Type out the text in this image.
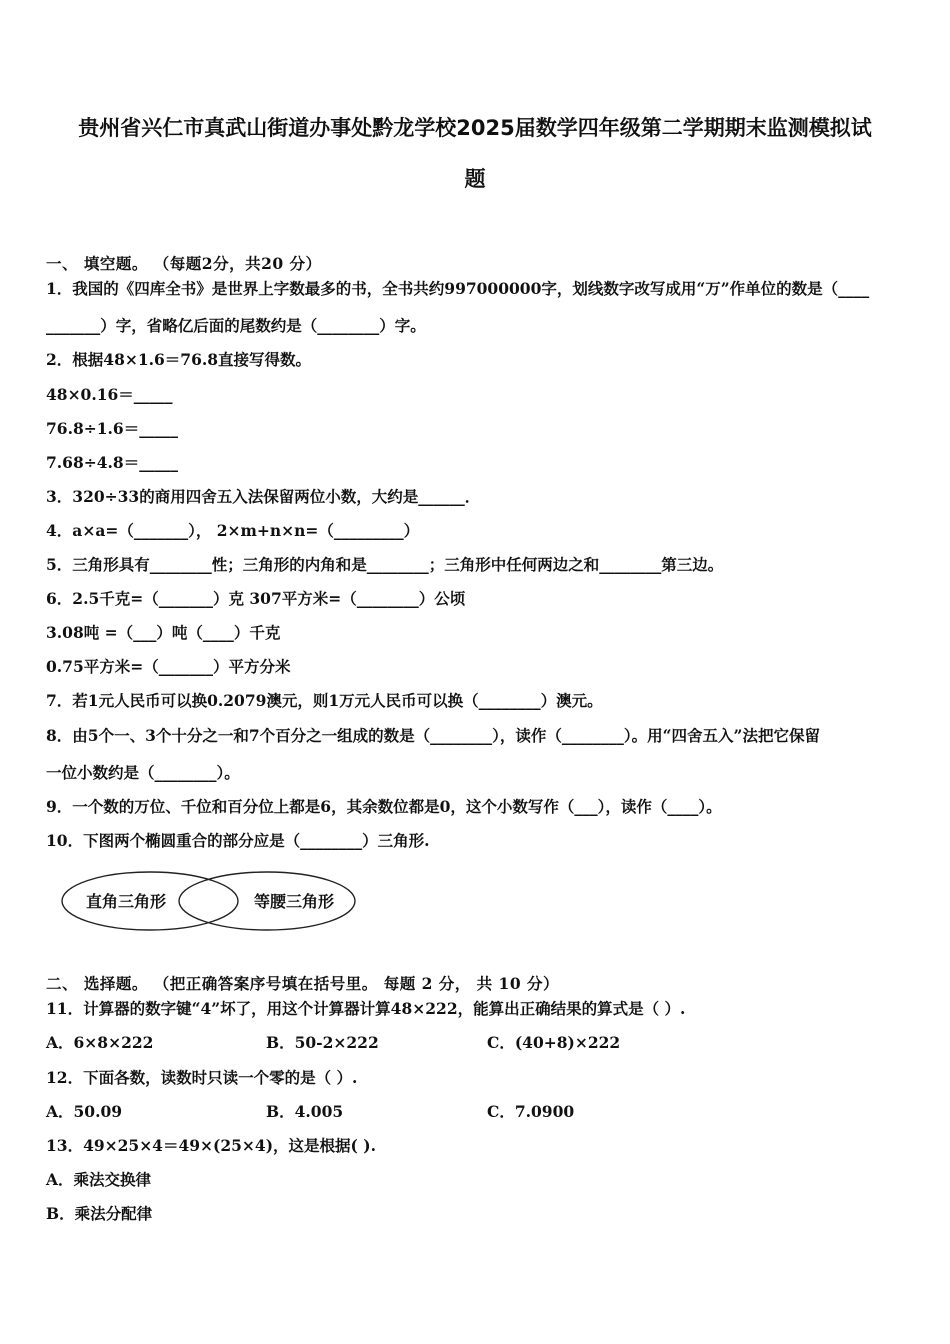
贵州省兴仁市真武山街道办事处黔龙学校2025届数学四年级第二学期期末监测模拟试
题
一、 填空题。 （每题2分，共20 分）
1．我国的《四库全书》是世界上字数最多的书，全书共约997000000字，划线数字改写成用“万”作单位的数是（____
_______）字，省略亿后面的尾数约是（________）字。
2．根据48×1.6＝76.8直接写得数。
48×0.16＝_____
76.8÷1.6＝_____
7.68÷4.8＝_____
3．320÷33的商用四舍五入法保留两位小数，大约是______．
4．a×a=（_______）， 2×m+n×n=（_________）
5．三角形具有________性；三角形的内角和是________；三角形中任何两边之和________第三边。
6．2.5千克=（_______）克 307平方米=（________）公顷
3.08吨 =（___）吨（____）千克
0.75平方米=（_______）平方分米
7．若1元人民币可以换0.2079澳元，则1万元人民币可以换（________）澳元。
8．由5个一、3个十分之一和7个百分之一组成的数是（________），读作（________）。用“四舍五入”法把它保留
一位小数约是（________）。
9．一个数的万位、千位和百分位上都是6，其余数位都是0，这个小数写作（___），读作（____）。
10．下图两个椭圆重合的部分应是（________）三角形.
直角三角形	等腰三角形
二、 选择题。 （把正确答案序号填在括号里。 每题 2 分， 共 10 分）
11．计算器的数字键“4”坏了，用这个计算器计算48×222，能算出正确结果的算式是（ ）.
A．6×8×222	B．50-2×222	C．(40+8)×222
12．下面各数，读数时只读一个零的是（ ）.
A．50.09	B．4.005	C．7.0900
13．49×25×4＝49×(25×4)，这是根据( ).
A．乘法交换律
B．乘法分配律
